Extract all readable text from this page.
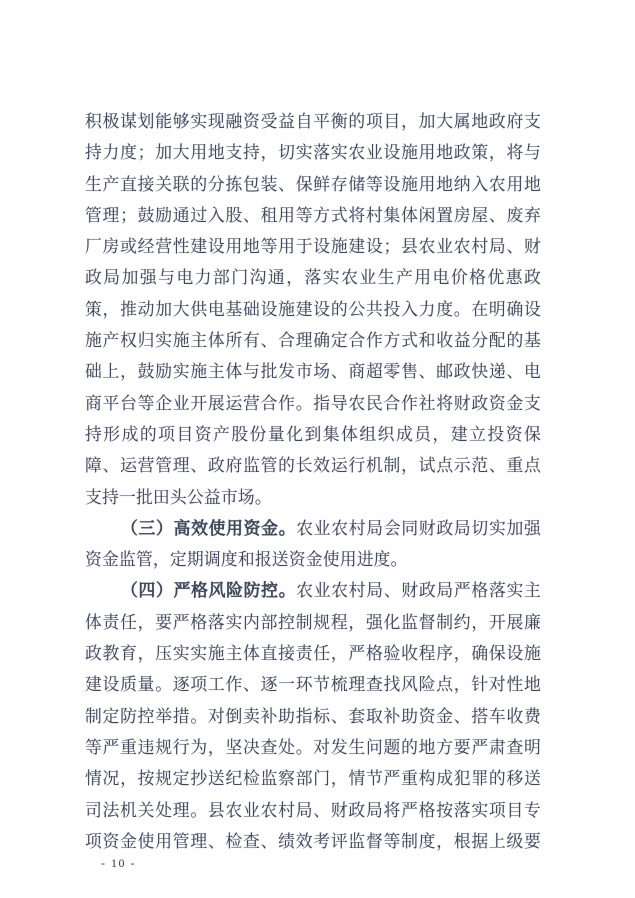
积极谋划能够实现融资受益自平衡的项目，加大属地政府支
持力度；加大用地支持，切实落实农业设施用地政策，将与
生产直接关联的分拣包装、保鲜存储等设施用地纳入农用地
管理；鼓励通过入股、租用等方式将村集体闲置房屋、废弃
厂房或经营性建设用地等用于设施建设；县农业农村局、财
政局加强与电力部门沟通，落实农业生产用电价格优惠政
策，推动加大供电基础设施建设的公共投入力度。在明确设
施产权归实施主体所有、合理确定合作方式和收益分配的基
础上，鼓励实施主体与批发市场、商超零售、邮政快递、电
商平台等企业开展运营合作。指导农民合作社将财政资金支
持形成的项目资产股份量化到集体组织成员，建立投资保
障、运营管理、政府监管的长效运行机制，试点示范、重点
支持一批田头公益市场。
（三）高效使用资金。农业农村局会同财政局切实加强
资金监管，定期调度和报送资金使用进度。
（四）严格风险防控。农业农村局、财政局严格落实主
体责任，要严格落实内部控制规程，强化监督制约，开展廉
政教育，压实实施主体直接责任，严格验收程序，确保设施
建设质量。逐项工作、逐一环节梳理查找风险点，针对性地
制定防控举措。对倒卖补助指标、套取补助资金、搭车收费
等严重违规行为，坚决查处。对发生问题的地方要严肃查明
情况，按规定抄送纪检监察部门，情节严重构成犯罪的移送
司法机关处理。县农业农村局、财政局将严格按落实项目专
项资金使用管理、检查、绩效考评监督等制度，根据上级要
- 10 -
